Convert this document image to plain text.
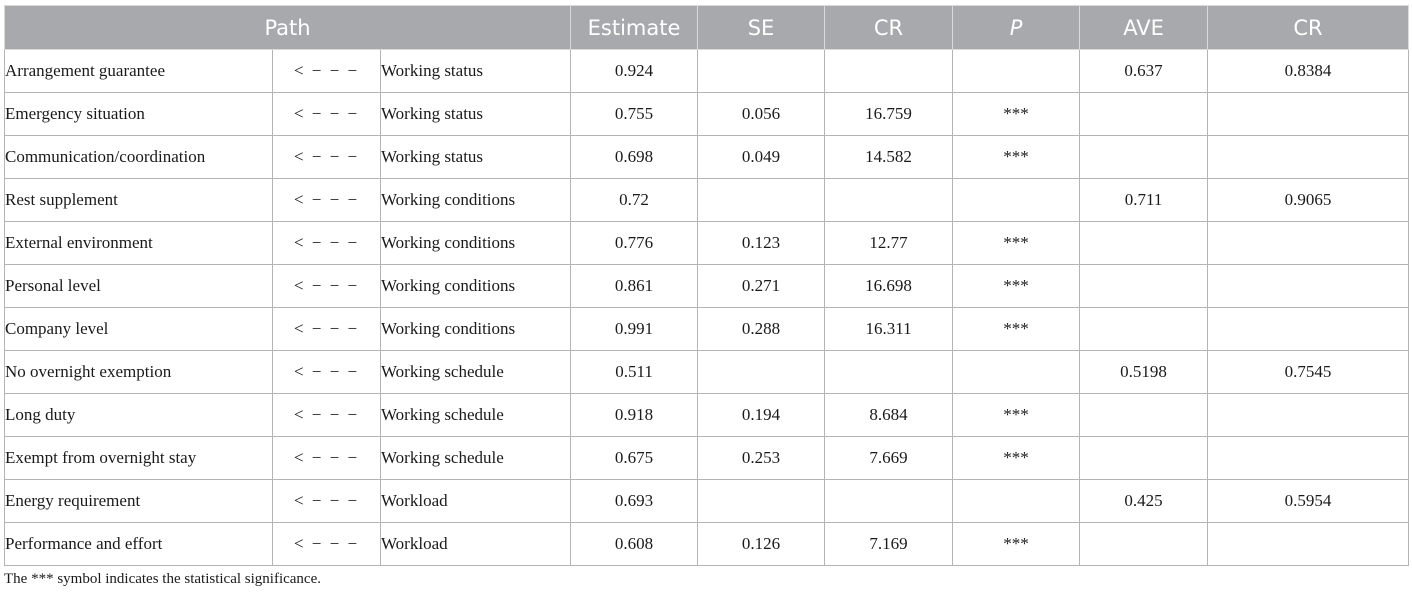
Path			Estimate	SE	CR	P	AVE	CR
Arrangement guarantee	< − − −	Working status	0.924				0.637	0.8384
Emergency situation	< − − −	Working status	0.755	0.056	16.759	***		
Communication/coordination	< − − −	Working status	0.698	0.049	14.582	***		
Rest supplement	< − − −	Working conditions	0.72				0.711	0.9065
External environment	< − − −	Working conditions	0.776	0.123	12.77	***		
Personal level	< − − −	Working conditions	0.861	0.271	16.698	***		
Company level	< − − −	Working conditions	0.991	0.288	16.311	***		
No overnight exemption	< − − −	Working schedule	0.511				0.5198	0.7545
Long duty	< − − −	Working schedule	0.918	0.194	8.684	***		
Exempt from overnight stay	< − − −	Working schedule	0.675	0.253	7.669	***		
Energy requirement	< − − −	Workload	0.693				0.425	0.5954
Performance and effort	< − − −	Workload	0.608	0.126	7.169	***		
The *** symbol indicates the statistical significance.
